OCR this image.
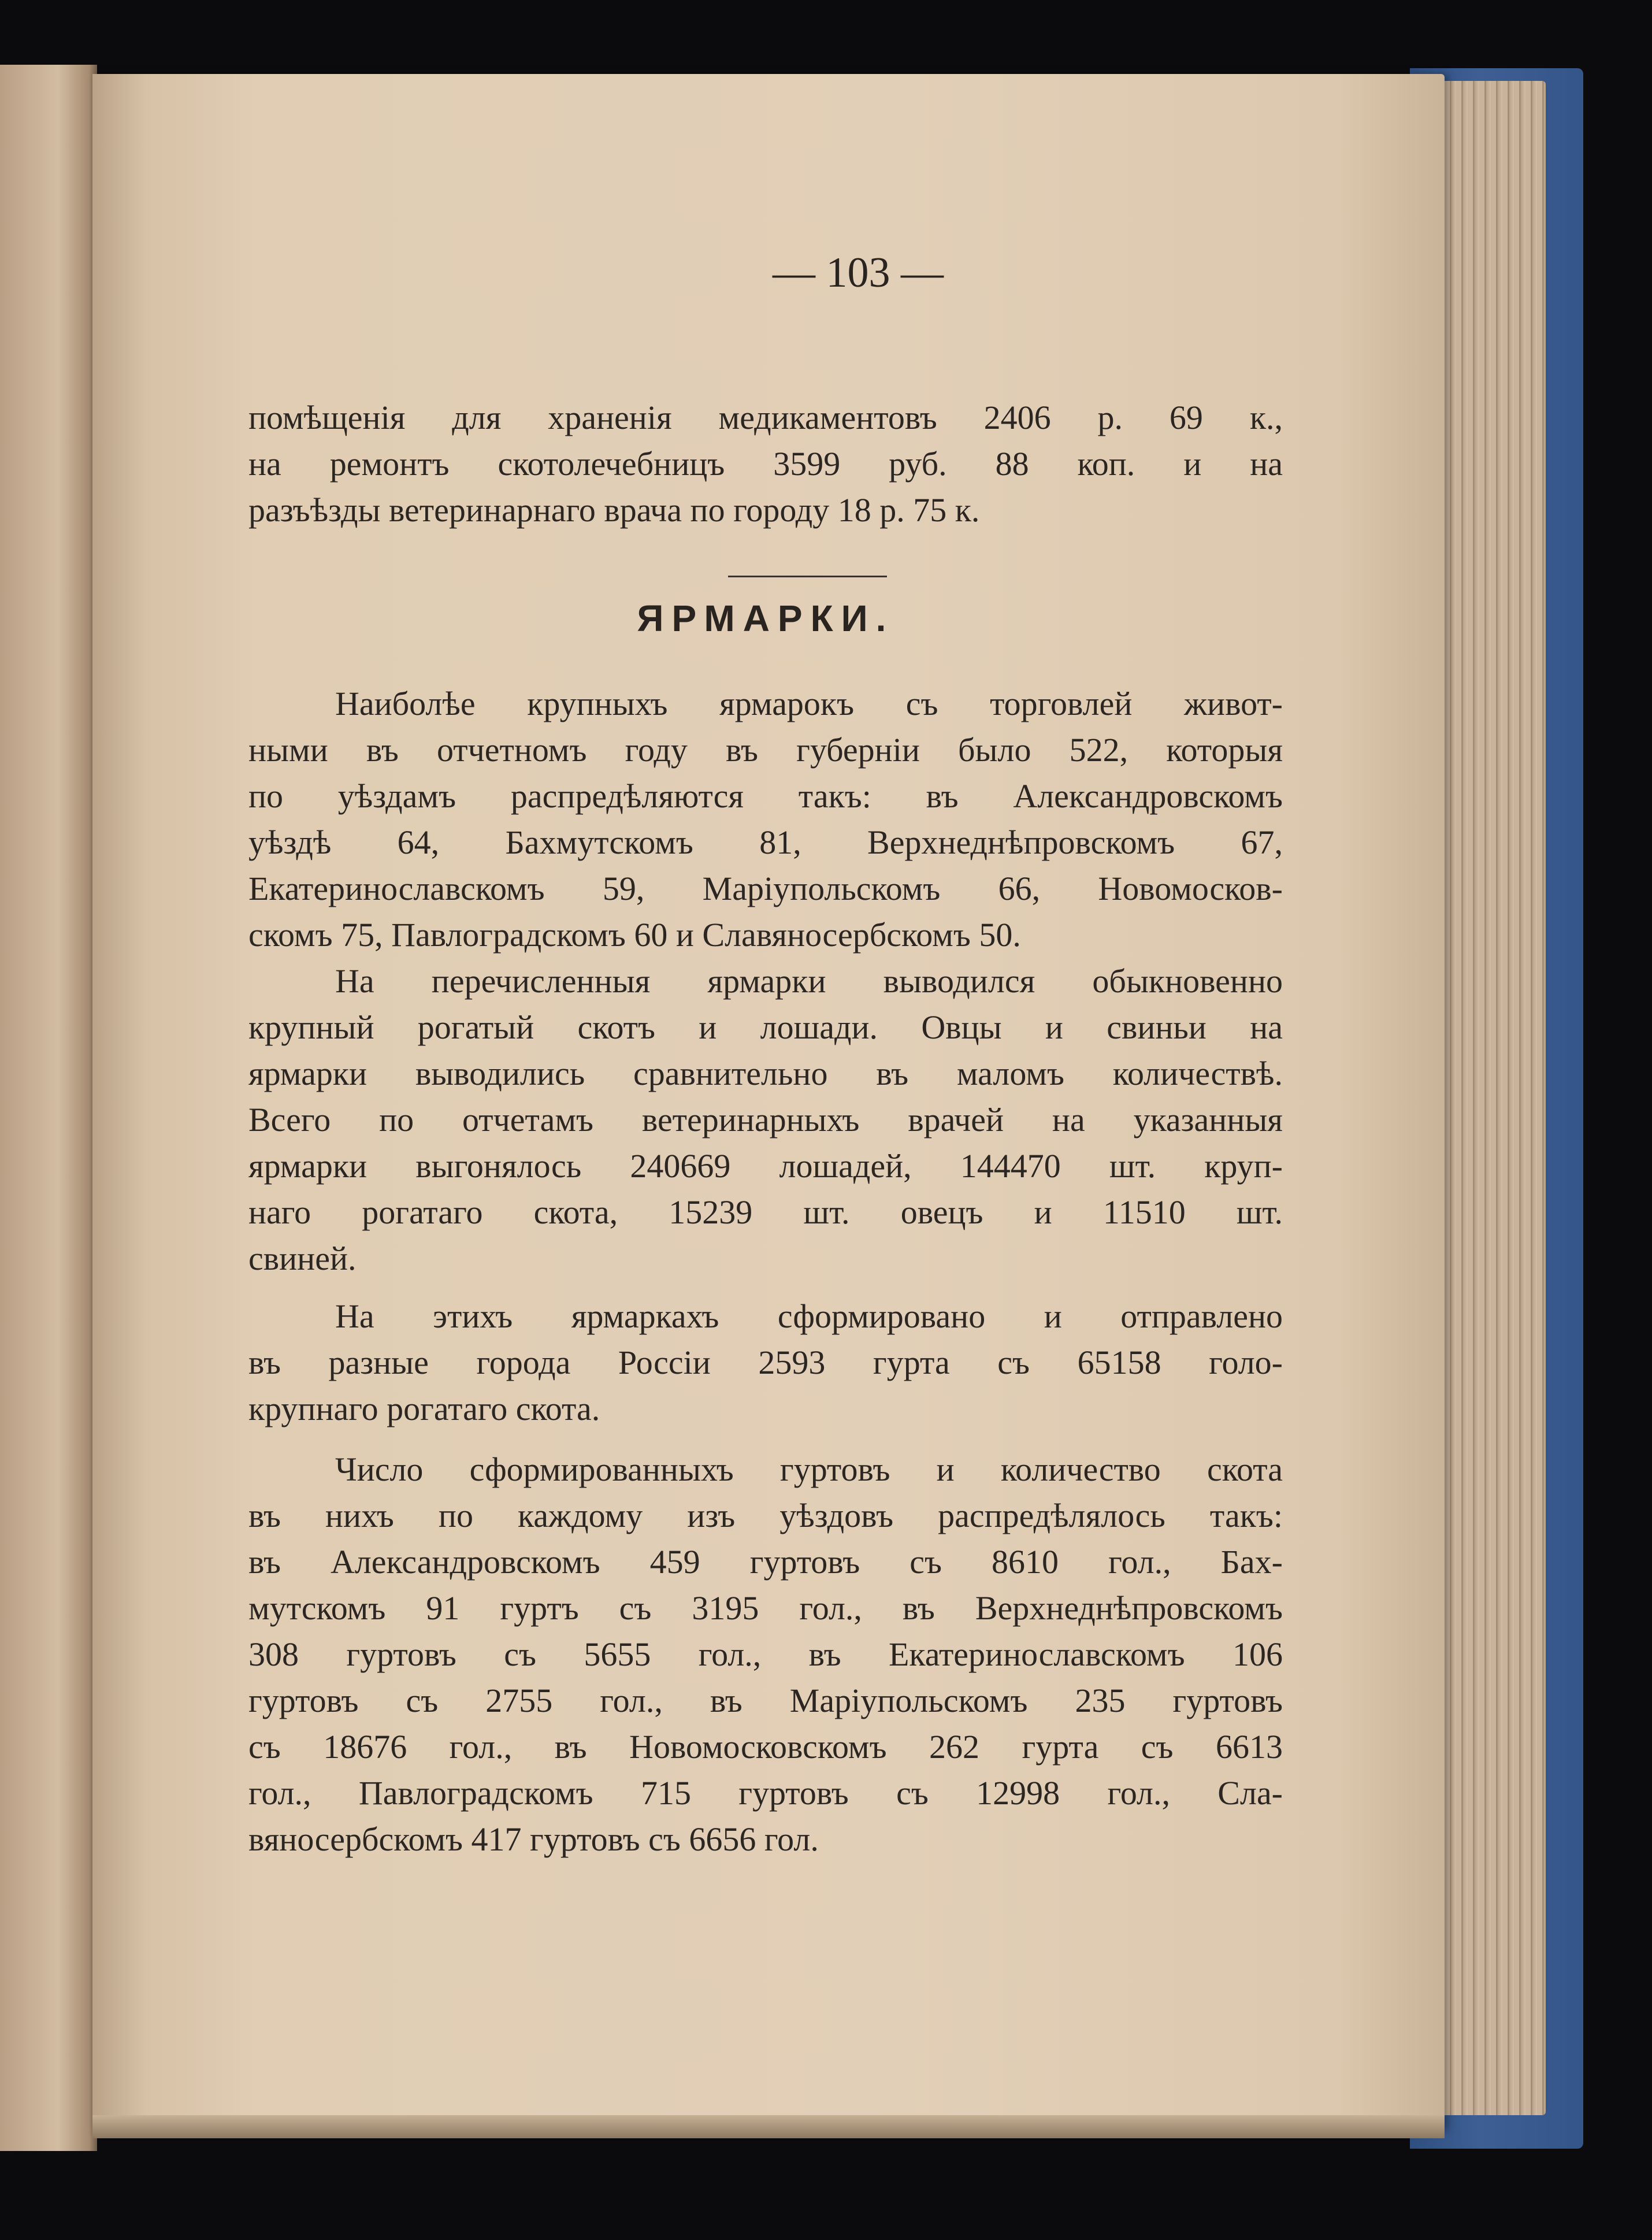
— 103 —

помѣщенія для храненія медикаментовъ 2406 р. 69 к.,

на ремонтъ скотолечебницъ 3599 руб. 88 коп. и на

разъѣзды ветеринарнаго врача по городу 18 р. 75 к.

ЯРМАРКИ.

Наиболѣе крупныхъ ярмарокъ съ торговлей живот-

ными въ отчетномъ году въ губерніи было 522, которыя

по уѣздамъ распредѣляются такъ: въ Александровскомъ

уѣздѣ 64, Бахмутскомъ 81, Верхнеднѣпровскомъ 67,

Екатеринославскомъ 59, Маріупольскомъ 66, Новомосков-

скомъ 75, Павлоградскомъ 60 и Славяносербскомъ 50.

На перечисленныя ярмарки выводился обыкновенно

крупный рогатый скотъ и лошади. Овцы и свиньи на

ярмарки выводились сравнительно въ маломъ количествѣ.

Всего по отчетамъ ветеринарныхъ врачей на указанныя

ярмарки выгонялось 240669 лошадей, 144470 шт. круп-

наго рогатаго скота, 15239 шт. овецъ и 11510 шт.

свиней.

На этихъ ярмаркахъ сформировано и отправлено

въ разные города Россіи 2593 гурта съ 65158 голо-

крупнаго рогатаго скота.

Число сформированныхъ гуртовъ и количество скота

въ нихъ по каждому изъ уѣздовъ распредѣлялось такъ:

въ Александровскомъ 459 гуртовъ съ 8610 гол., Бах-

мутскомъ 91 гуртъ съ 3195 гол., въ Верхнеднѣпровскомъ

308 гуртовъ съ 5655 гол., въ Екатеринославскомъ 106

гуртовъ съ 2755 гол., въ Маріупольскомъ 235 гуртовъ

съ 18676 гол., въ Новомосковскомъ 262 гурта съ 6613

гол., Павлоградскомъ 715 гуртовъ съ 12998 гол., Сла-

вяносербскомъ 417 гуртовъ съ 6656 гол.
